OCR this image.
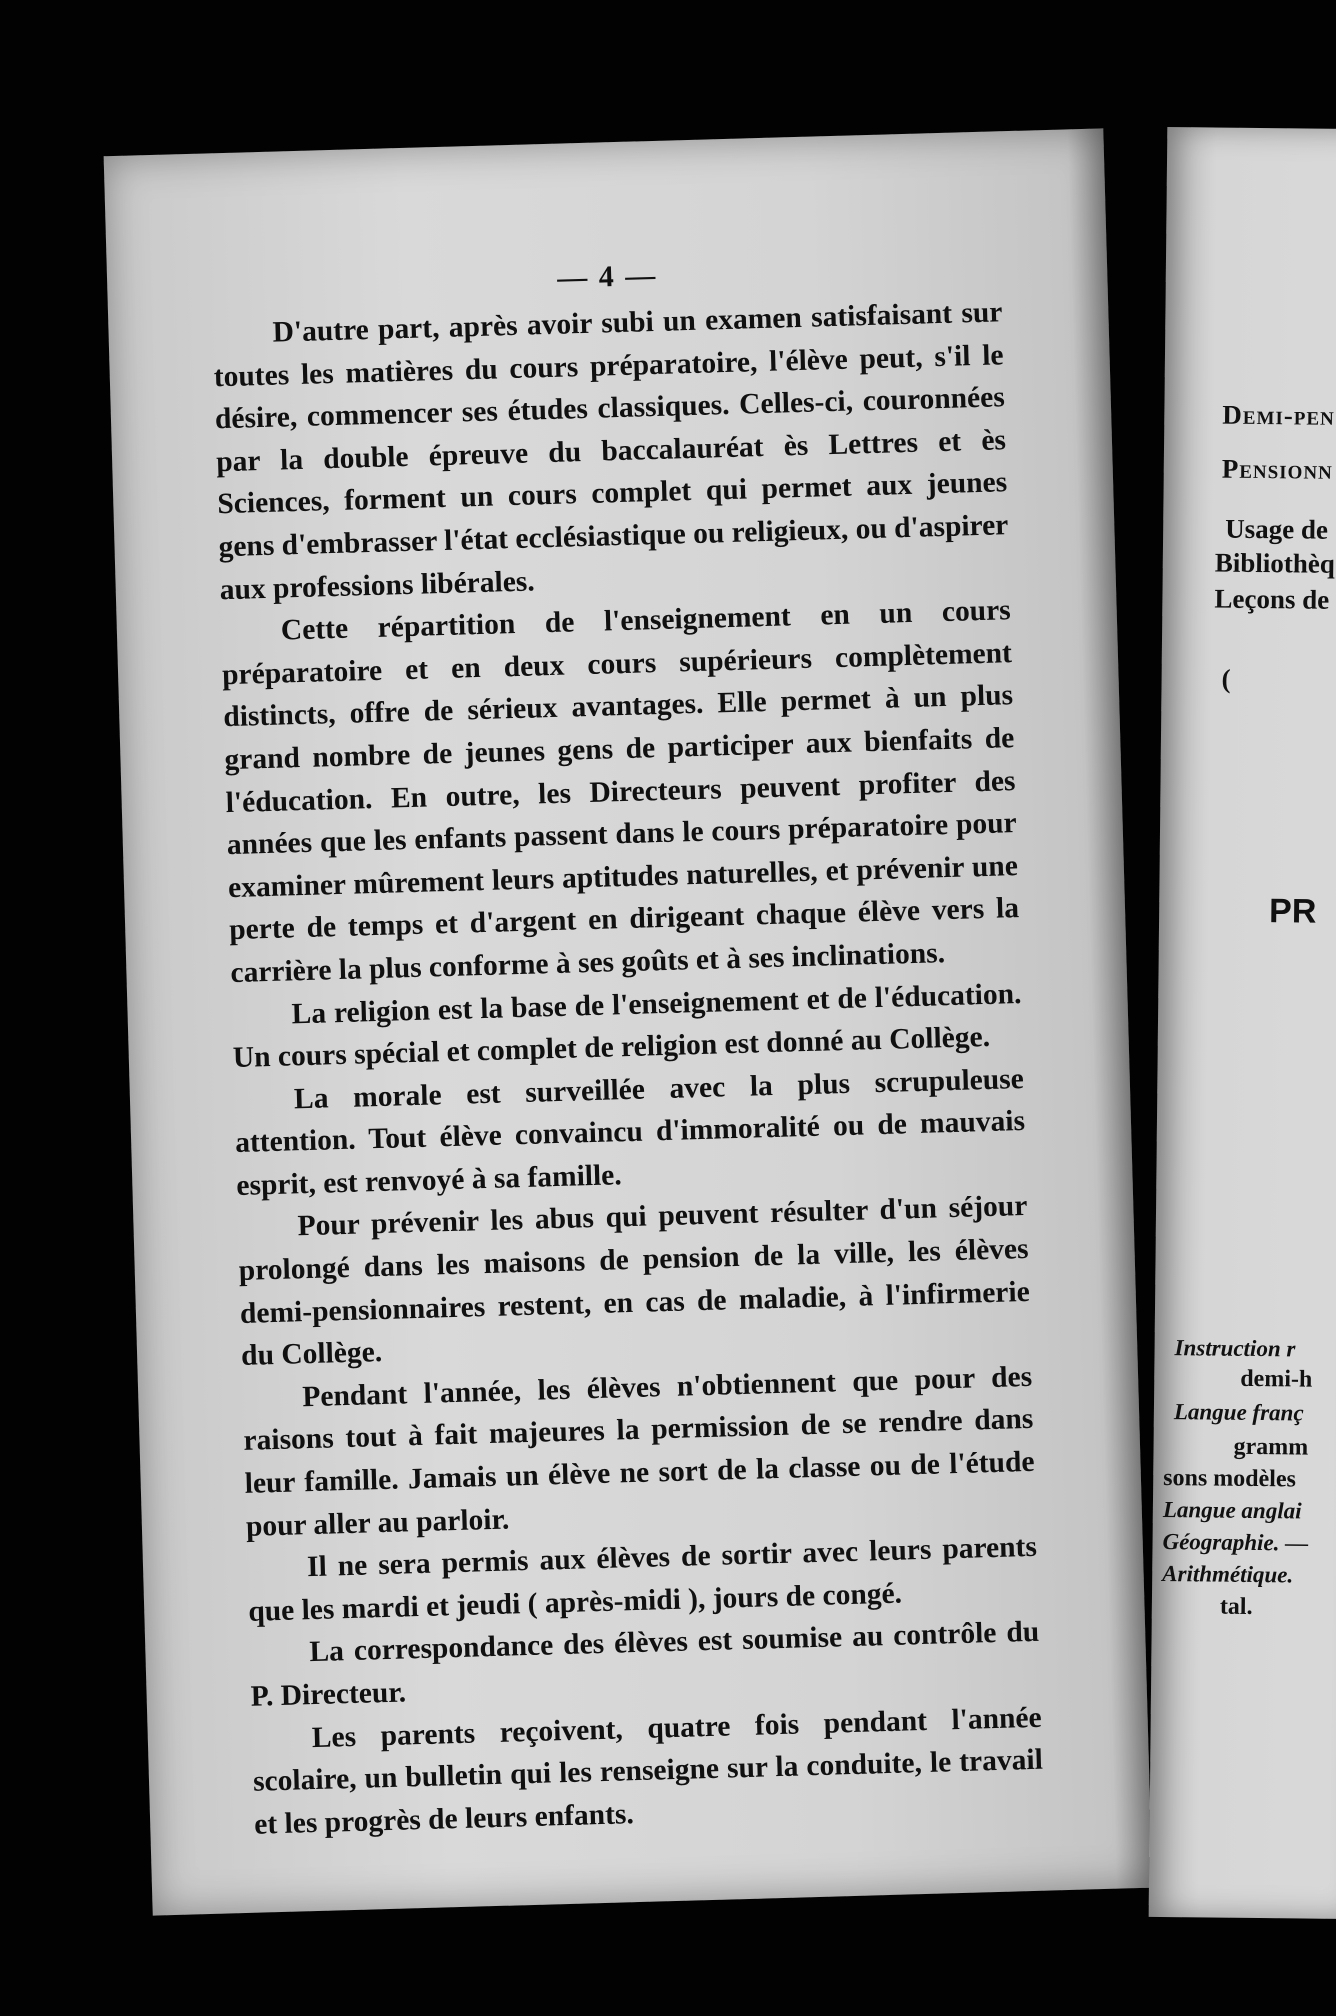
— 4 —

D'autre part, après avoir subi un examen satisfaisant sur toutes les matières du cours préparatoire, l'élève peut, s'il le désire, commencer ses études classiques. Celles-ci, couronnées par la double épreuve du baccalauréat ès Lettres et ès Sciences, forment un cours complet qui permet aux jeunes gens d'embrasser l'état ecclésiastique ou religieux, ou d'aspirer aux professions libérales.

Cette répartition de l'enseignement en un cours préparatoire et en deux cours supérieurs complètement distincts, offre de sérieux avantages. Elle permet à un plus grand nombre de jeunes gens de participer aux bienfaits de l'éducation. En outre, les Directeurs peuvent profiter des années que les enfants passent dans le cours préparatoire pour examiner mûrement leurs aptitudes naturelles, et prévenir une perte de temps et d'argent en dirigeant chaque élève vers la carrière la plus conforme à ses goûts et à ses inclinations.

La religion est la base de l'enseignement et de l'éducation. Un cours spécial et complet de religion est donné au Collège.

La morale est surveillée avec la plus scrupuleuse attention. Tout élève convaincu d'immoralité ou de mauvais esprit, est renvoyé à sa famille.

Pour prévenir les abus qui peuvent résulter d'un séjour prolongé dans les maisons de pension de la ville, les élèves demi-pensionnaires restent, en cas de maladie, à l'infirmerie du Collège.

Pendant l'année, les élèves n'obtiennent que pour des raisons tout à fait majeures la permission de se rendre dans leur famille. Jamais un élève ne sort de la classe ou de l'étude pour aller au parloir.

Il ne sera permis aux élèves de sortir avec leurs parents que les mardi et jeudi ( après-midi ), jours de congé.

La correspondance des élèves est soumise au contrôle du P. Directeur.

Les parents reçoivent, quatre fois pendant l'année scolaire, un bulletin qui les renseigne sur la conduite, le travail et les progrès de leurs enfants.

Demi-pen
Pensionn
Usage de
Bibliothèq
Leçons de
(
PR
Instruction r
demi-h
Langue franç
gramm
sons modèles
Langue anglai
Géographie. —
Arithmétique.
tal.
